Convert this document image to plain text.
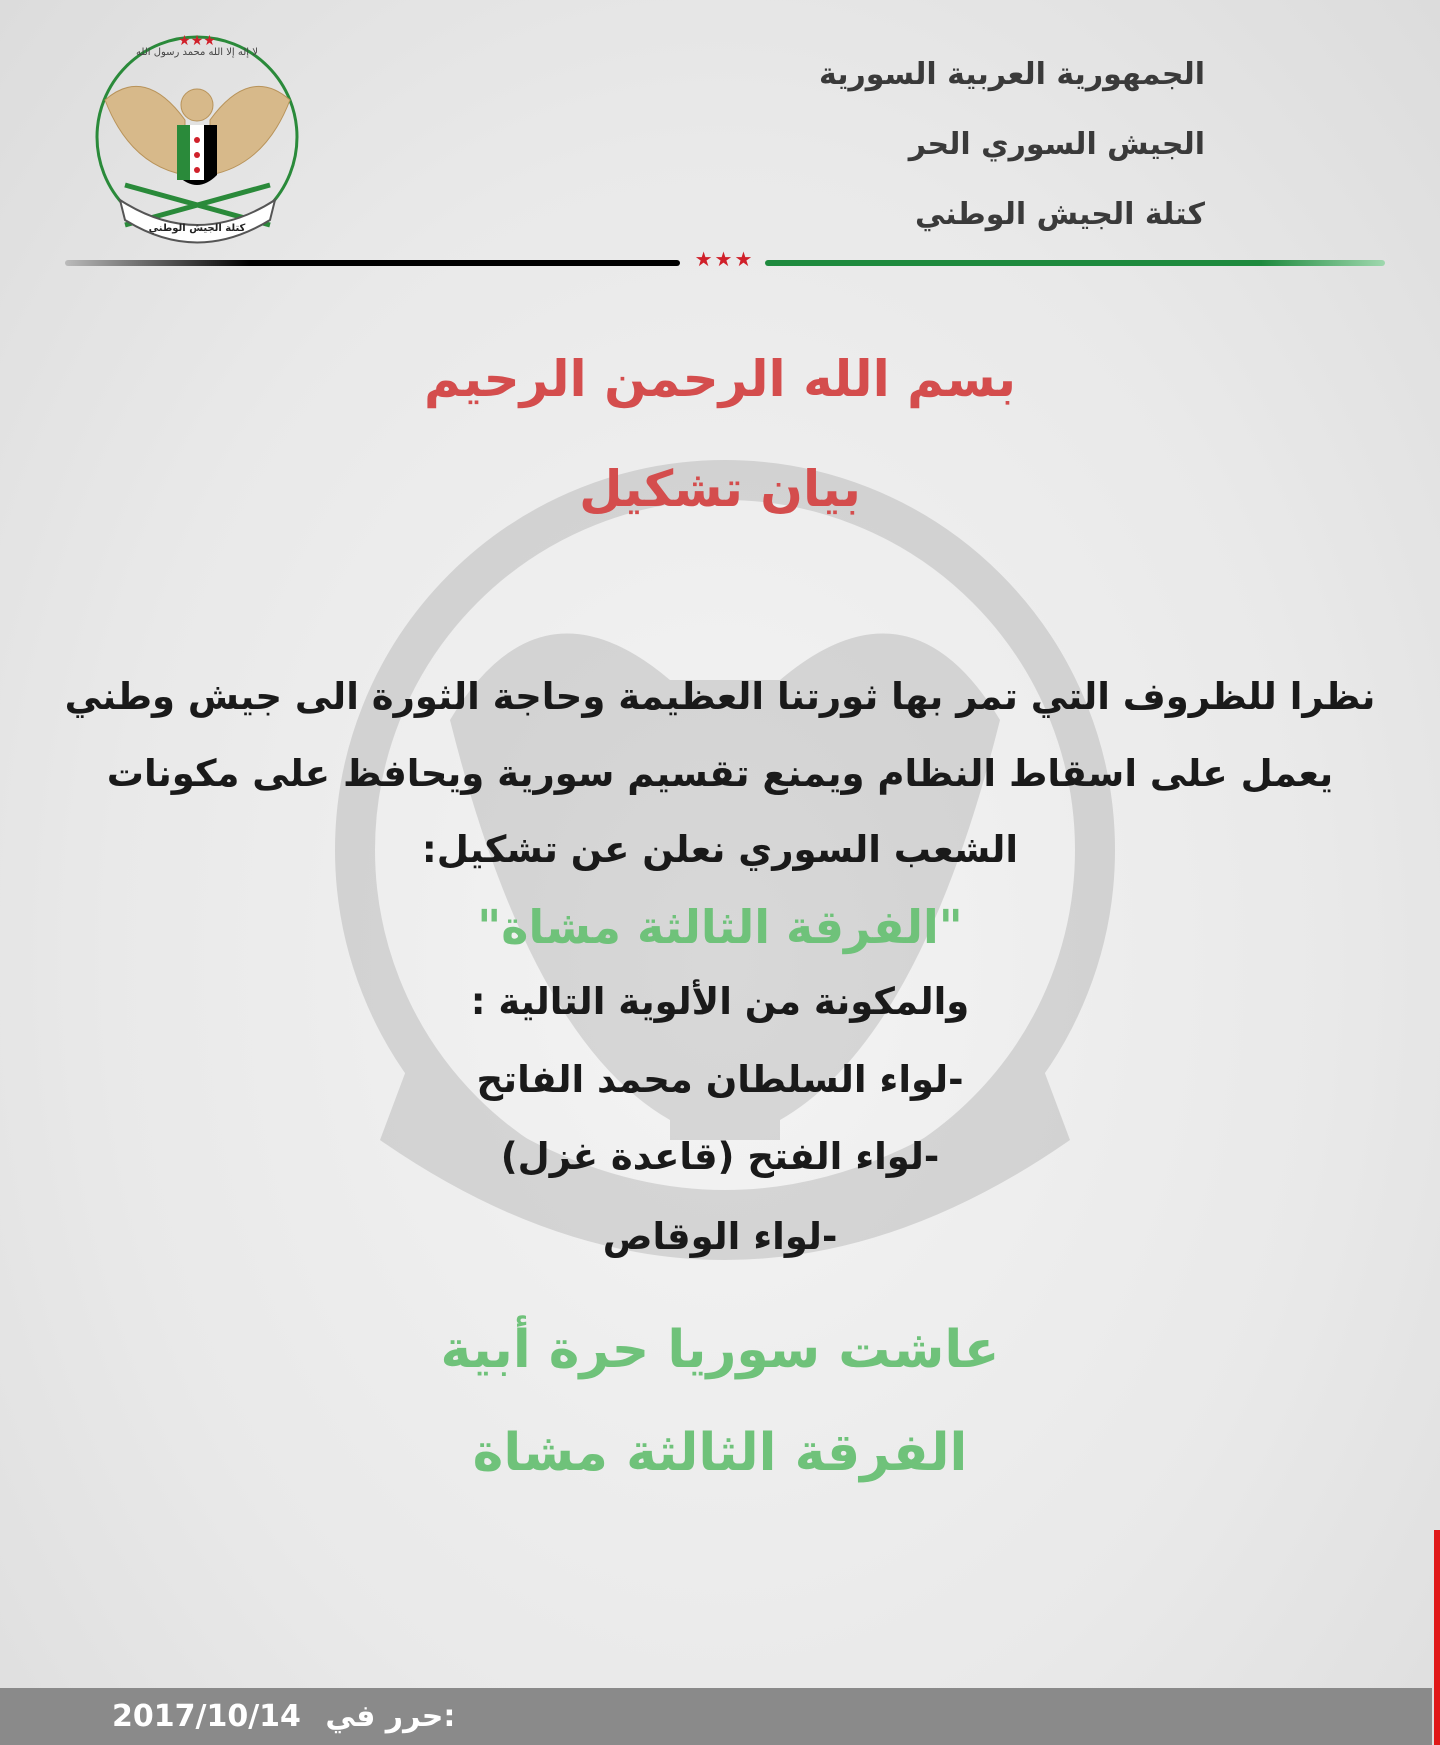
لا إله إلا الله محمد رسول الله
كتلة الجيش الوطني
★★★
الجمهورية العربية السورية
الجيش السوري الحر
كتلة الجيش الوطني
★★★
بسم الله الرحمن الرحيم
بيان تشكيل
نظرا للظروف التي تمر بها ثورتنا العظيمة وحاجة الثورة الى جيش وطني
يعمل على اسقاط النظام ويمنع تقسيم سورية ويحافظ على مكونات
الشعب السوري نعلن عن تشكيل:
"الفرقة الثالثة مشاة"
والمكونة من الألوية التالية :
-لواء السلطان محمد الفاتح
-لواء الفتح (قاعدة غزل)
-لواء الوقاص
عاشت سوريا حرة أبية
الفرقة الثالثة مشاة
2017/10/14 حرر في:
